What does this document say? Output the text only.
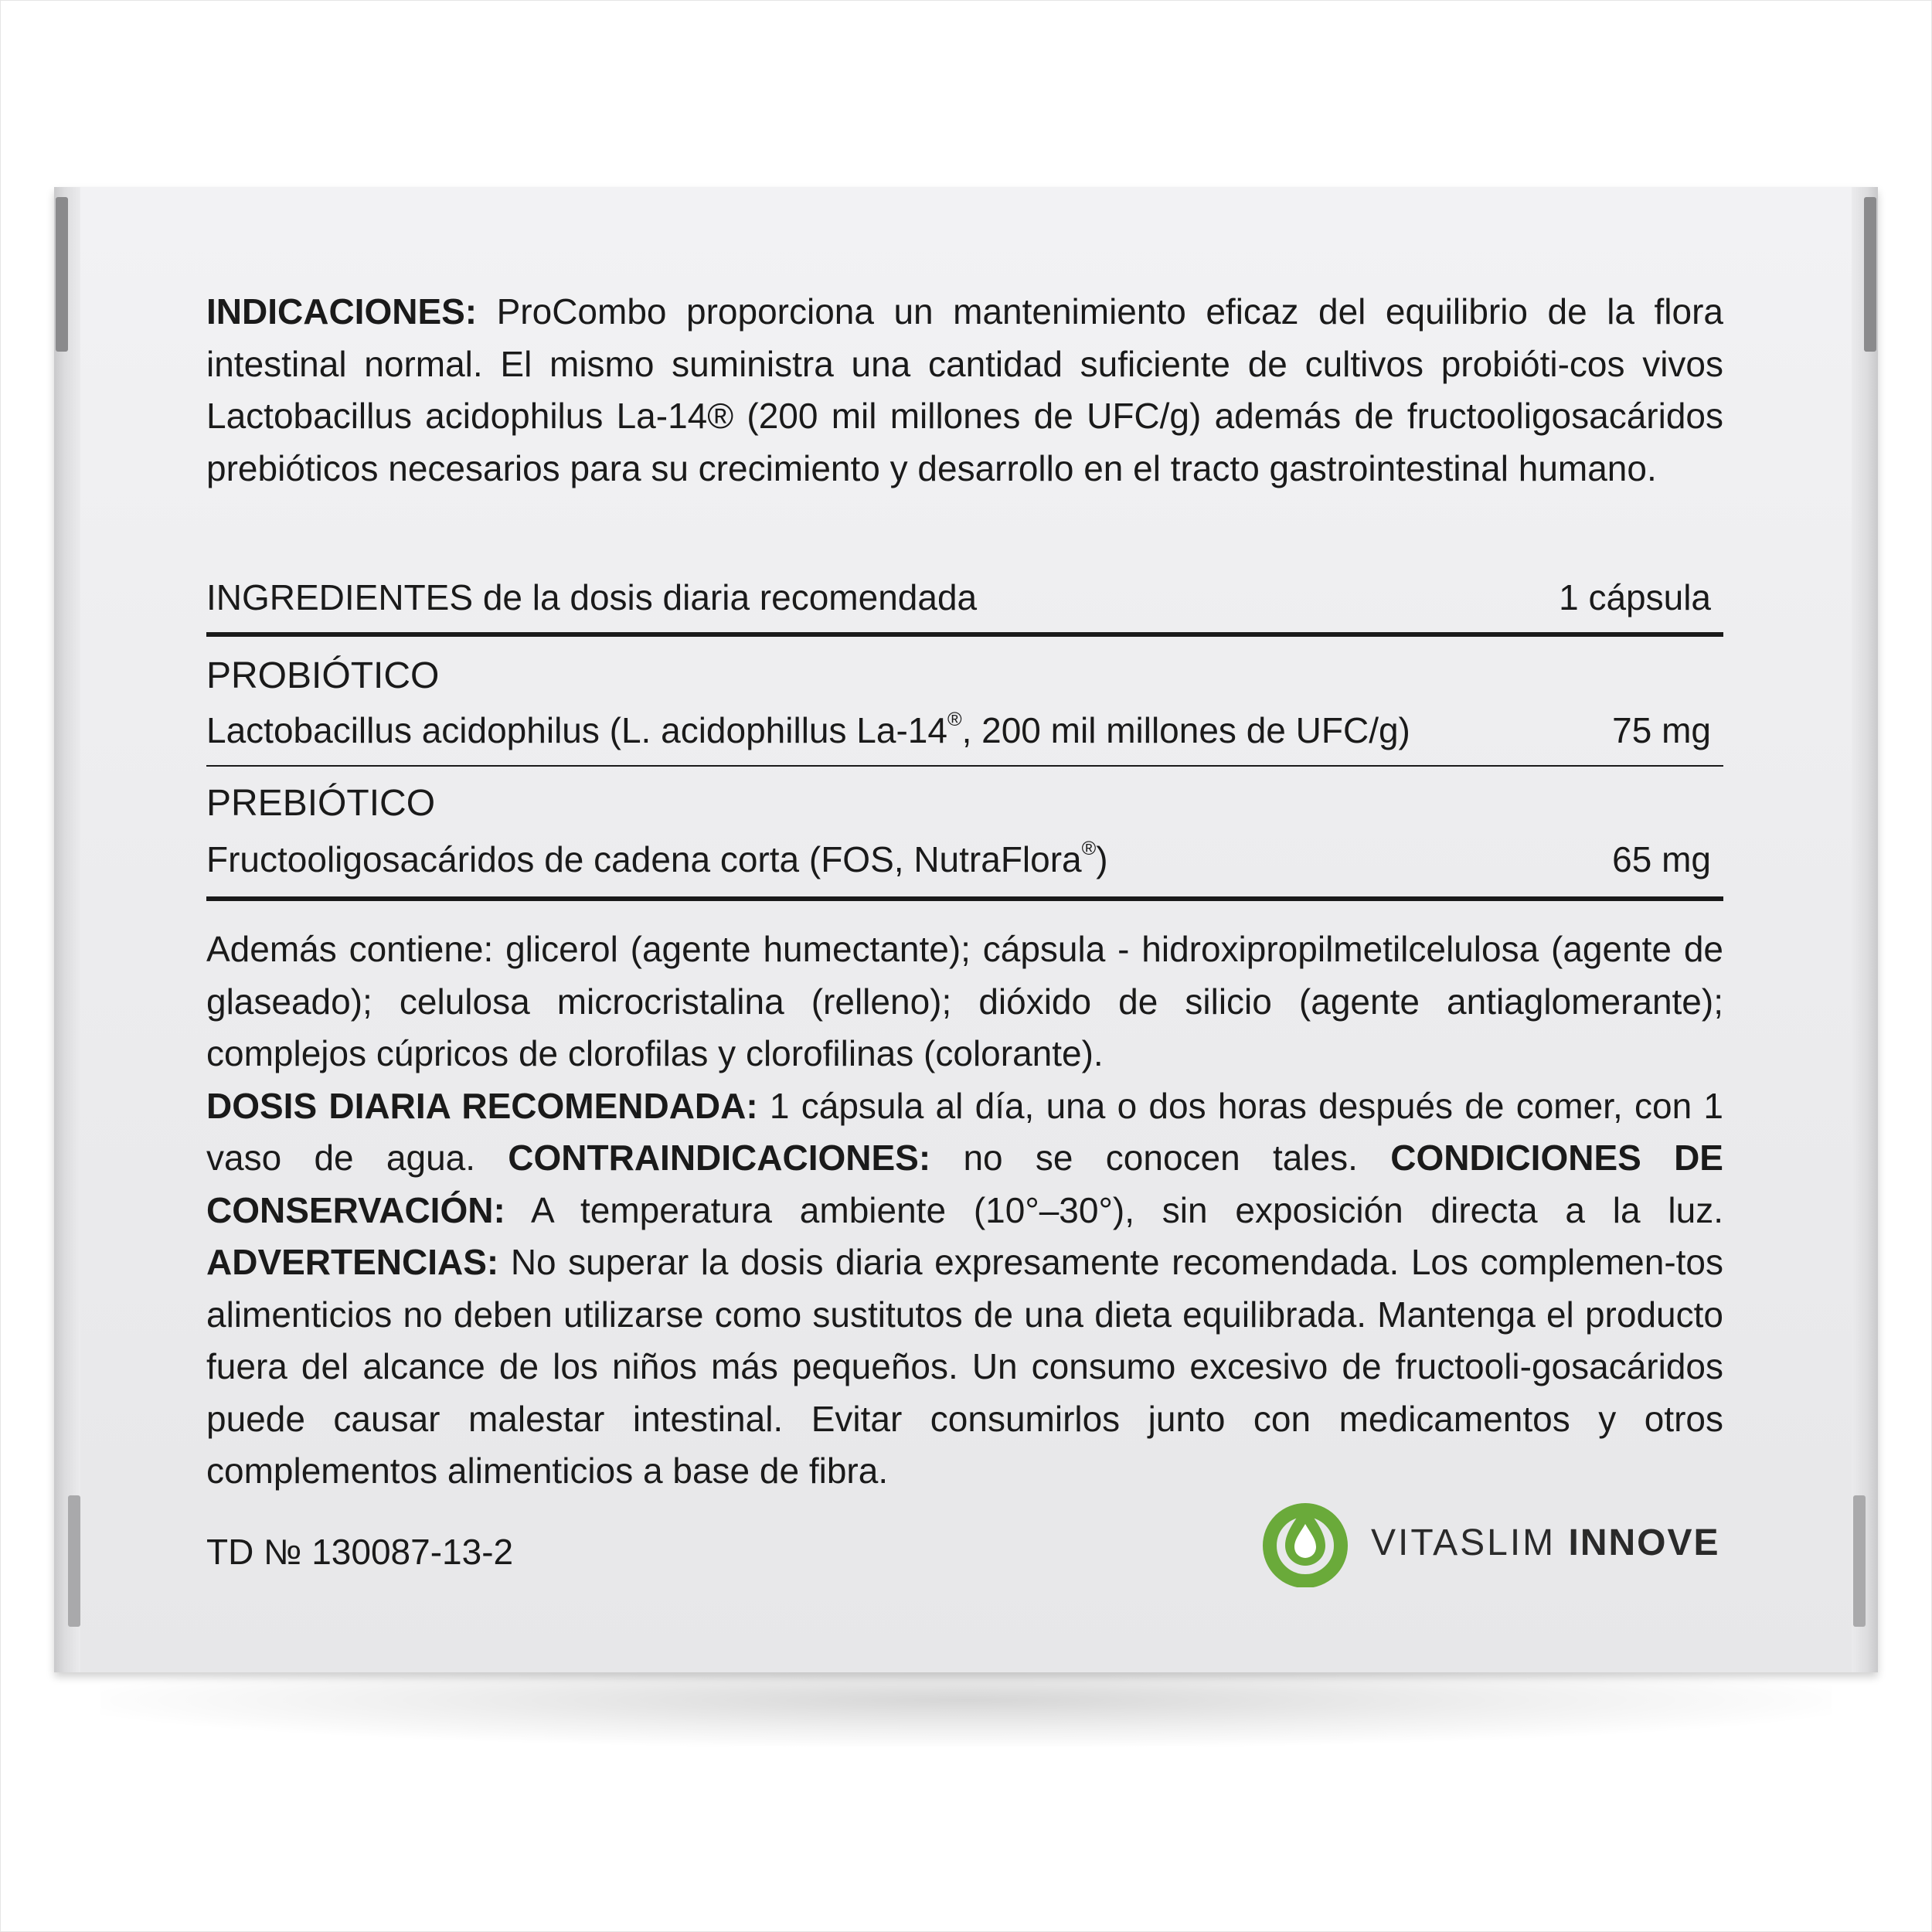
INDICACIONES: ProCombo proporciona un mantenimiento eficaz del equilibrio de la flora intestinal normal. El mismo suministra una cantidad suficiente de cultivos probióti-cos vivos Lactobacillus acidophilus La-14® (200 mil millones de UFC/g) además de fructooligosacáridos prebióticos necesarios para su crecimiento y desarrollo en el tracto gastrointestinal humano.

INGREDIENTES de la dosis diaria recomendada	1 cápsula
PROBIÓTICO
Lactobacillus acidophilus (L. acidophillus La-14®, 200 mil millones de UFC/g)	75 mg
PREBIÓTICO
Fructooligosacáridos de cadena corta (FOS, NutraFlora®)	65 mg

Además contiene: glicerol (agente humectante); cápsula - hidroxipropilmetilcelulosa (agente de glaseado); celulosa microcristalina (relleno); dióxido de silicio (agente antiaglomerante); complejos cúpricos de clorofilas y clorofilinas (colorante).

DOSIS DIARIA RECOMENDADA: 1 cápsula al día, una o dos horas después de comer, con 1 vaso de agua. CONTRAINDICACIONES: no se conocen tales. CONDICIONES DE CONSERVACIÓN: A temperatura ambiente (10°–30°), sin exposición directa a la luz. ADVERTENCIAS: No superar la dosis diaria expresamente recomendada. Los complemen-tos alimenticios no deben utilizarse como sustitutos de una dieta equilibrada. Mantenga el producto fuera del alcance de los niños más pequeños. Un consumo excesivo de fructooli-gosacáridos puede causar malestar intestinal. Evitar consumirlos junto con medicamentos y otros complementos alimenticios a base de fibra.

TD № 130087-13-2	VITASLIM INNOVE
